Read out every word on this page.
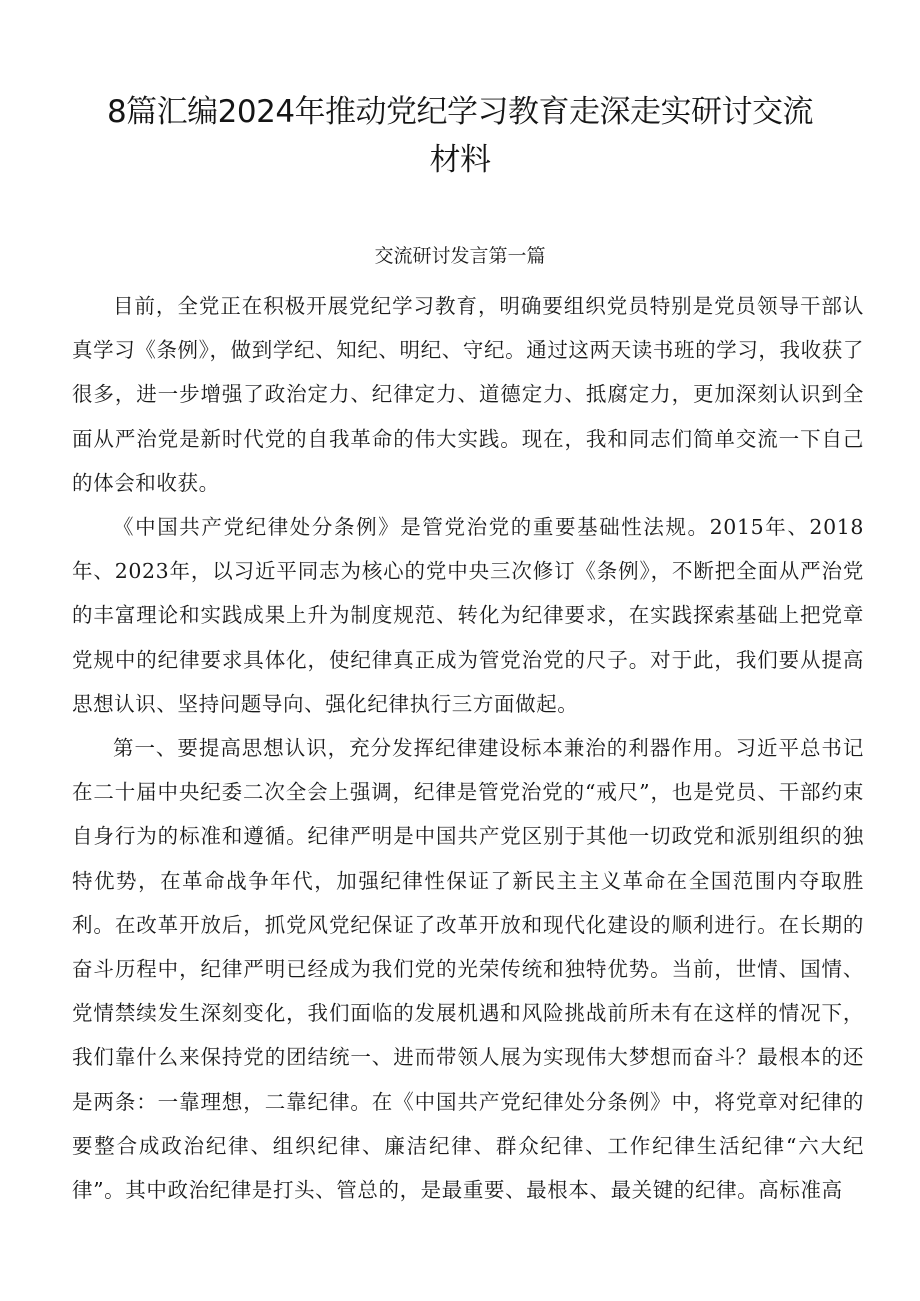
8篇汇编2024年推动党纪学习教育走深走实研讨交流
材料
交流研讨发言第一篇

目前，全党正在积极开展党纪学习教育，明确要组织党员特别是党员领导干部认真学习《条例》，做到学纪、知纪、明纪、守纪。通过这两天读书班的学习，我收获了很多，进一步增强了政治定力、纪律定力、道德定力、抵腐定力，更加深刻认识到全面从严治党是新时代党的自我革命的伟大实践。现在，我和同志们简单交流一下自己的体会和收获。

《中国共产党纪律处分条例》是管党治党的重要基础性法规。2015年、2018年、2023年，以习近平同志为核心的党中央三次修订《条例》，不断把全面从严治党的丰富理论和实践成果上升为制度规范、转化为纪律要求，在实践探索基础上把党章党规中的纪律要求具体化，使纪律真正成为管党治党的尺子。对于此，我们要从提高思想认识、坚持问题导向、强化纪律执行三方面做起。

第一、要提高思想认识，充分发挥纪律建设标本兼治的利器作用。习近平总书记在二十届中央纪委二次全会上强调，纪律是管党治党的“戒尺”，也是党员、干部约束自身行为的标准和遵循。纪律严明是中国共产党区别于其他一切政党和派别组织的独特优势，在革命战争年代，加强纪律性保证了新民主主义革命在全国范围内夺取胜利。在改革开放后，抓党风党纪保证了改革开放和现代化建设的顺利进行。在长期的奋斗历程中，纪律严明已经成为我们党的光荣传统和独特优势。当前，世情、国情、党情禁续发生深刻变化，我们面临的发展机遇和风险挑战前所未有在这样的情况下，我们靠什么来保持党的团结统一、进而带领人展为实现伟大梦想而奋斗？最根本的还是两条：一靠理想，二靠纪律。在《中国共产党纪律处分条例》中，将党章对纪律的要整合成政治纪律、组织纪律、廉洁纪律、群众纪律、工作纪律生活纪律“六大纪律”。其中政治纪律是打头、管总的，是最重要、最根本、最关键的纪律。高标准高
